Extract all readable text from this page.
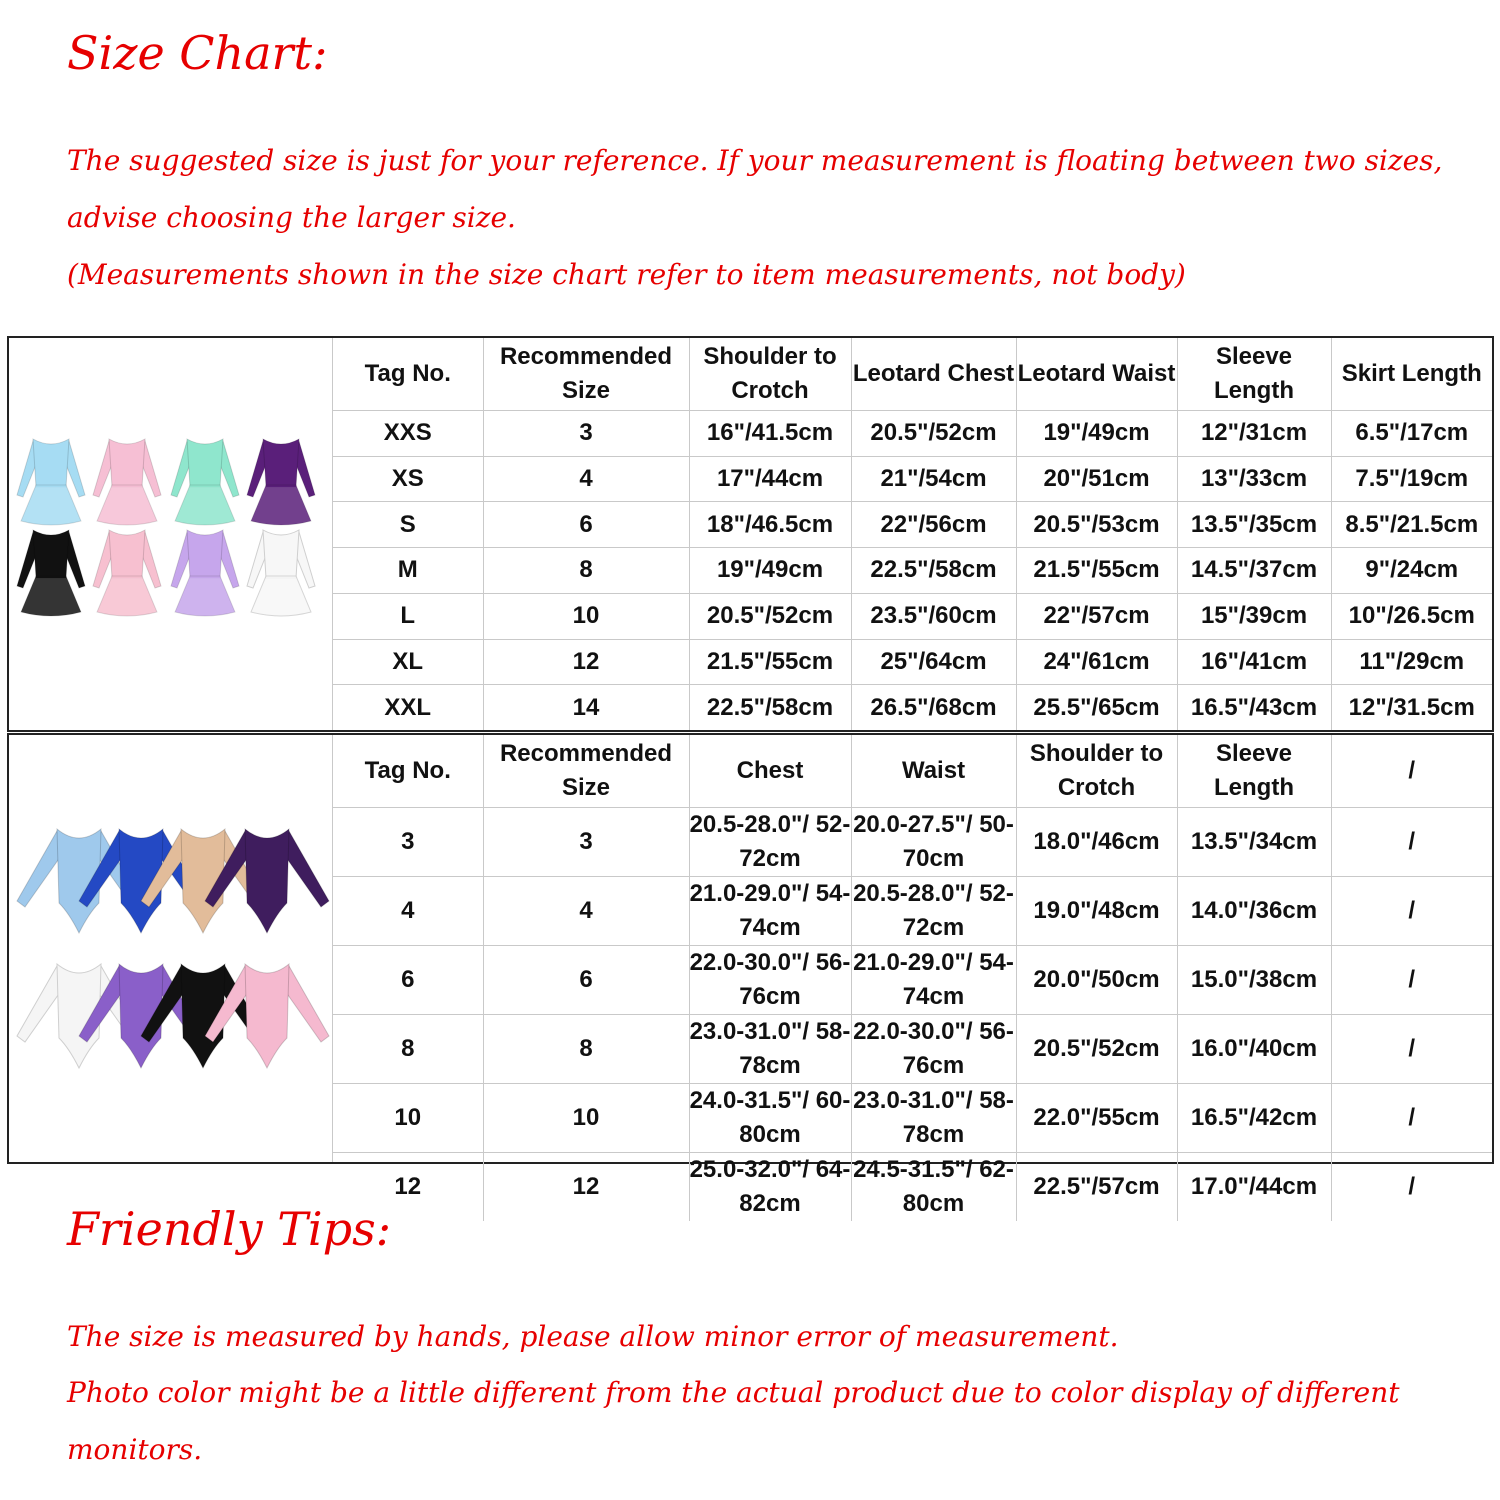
Size Chart:

The suggested size is just for your reference. If your measurement is floating between two sizes, advise choosing the larger size.

(Measurements shown in the size chart refer to item measurements, not body)

Tag No.	Recommended Size	Shoulder to Crotch	Leotard Chest	Leotard Waist	Sleeve Length	Skirt Length
XXS	3	16"/41.5cm	20.5"/52cm	19"/49cm	12"/31cm	6.5"/17cm
XS	4	17"/44cm	21"/54cm	20"/51cm	13"/33cm	7.5"/19cm
S	6	18"/46.5cm	22"/56cm	20.5"/53cm	13.5"/35cm	8.5"/21.5cm
M	8	19"/49cm	22.5"/58cm	21.5"/55cm	14.5"/37cm	9"/24cm
L	10	20.5"/52cm	23.5"/60cm	22"/57cm	15"/39cm	10"/26.5cm
XL	12	21.5"/55cm	25"/64cm	24"/61cm	16"/41cm	11"/29cm
XXL	14	22.5"/58cm	26.5"/68cm	25.5"/65cm	16.5"/43cm	12"/31.5cm
Tag No.	Recommended Size	Chest	Waist	Shoulder to Crotch	Sleeve Length	/
3	3	20.5-28.0"/ 52-72cm	20.0-27.5"/ 50-70cm	18.0"/46cm	13.5"/34cm	/
4	4	21.0-29.0"/ 54-74cm	20.5-28.0"/ 52-72cm	19.0"/48cm	14.0"/36cm	/
6	6	22.0-30.0"/ 56-76cm	21.0-29.0"/ 54-74cm	20.0"/50cm	15.0"/38cm	/
8	8	23.0-31.0"/ 58-78cm	22.0-30.0"/ 56-76cm	20.5"/52cm	16.0"/40cm	/
10	10	24.0-31.5"/ 60-80cm	23.0-31.0"/ 58-78cm	22.0"/55cm	16.5"/42cm	/
12	12	25.0-32.0"/ 64-82cm	24.5-31.5"/ 62-80cm	22.5"/57cm	17.0"/44cm	/
Friendly Tips:

The size is measured by hands, please allow minor error of measurement.

Photo color might be a little different from the actual product due to color display of different monitors.
